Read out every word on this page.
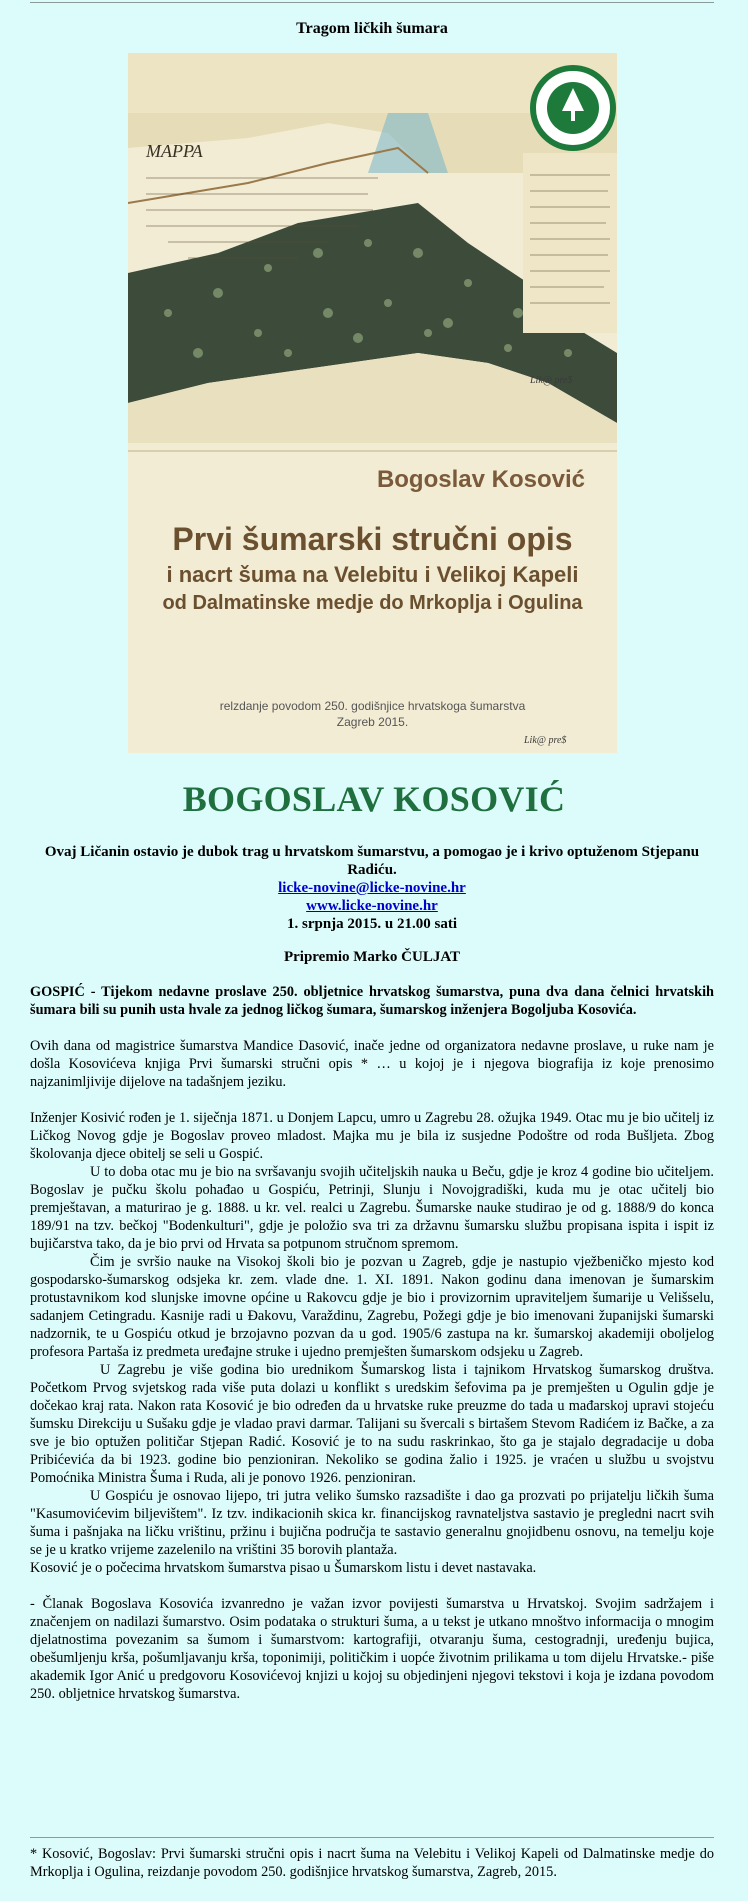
Tragom ličkih šumara
MAPPA
Lik@ pre$
Bogoslav Kosović
Prvi šumarski stručni opis
i nacrt šuma na Velebitu i Velikoj Kapeli
od Dalmatinske medje do Mrkoplja i Ogulina
relzdanje povodom 250. godišnjice hrvatskoga šumarstva
Zagreb 2015.
Lik@ pre$
BOGOSLAV KOSOVIĆ
Ovaj Ličanin ostavio je dubok trag u hrvatskom šumarstvu, a pomogao je i krivo optuženom Stjepanu Radiću.
licke-novine@licke-novine.hr
www.licke-novine.hr
1. srpnja 2015. u 21.00 sati
Pripremio Marko ČULJAT

GOSPIĆ - Tijekom nedavne proslave 250. obljetnice hrvatskog šumarstva, puna dva dana čelnici hrvatskih šumara bili su punih usta hvale za jednog ličkog šumara, šumarskog inženjera Bogoljuba Kosovića.

Ovih dana od magistrice šumarstva Mandice Dasović, inače jedne od organizatora nedavne proslave, u ruke nam je došla Kosovićeva knjiga Prvi šumarski stručni opis * … u kojoj je i njegova biografija iz koje prenosimo najzanimljivije dijelove na tadašnjem jeziku.

Inženjer Kosivić rođen je 1. siječnja 1871. u Donjem Lapcu, umro u Zagrebu 28. ožujka 1949. Otac mu je bio učitelj iz Ličkog Novog gdje je Bogoslav proveo mladost. Majka mu je bila iz susjedne Podoštre od roda Bušljeta. Zbog školovanja djece obitelj se seli u Gospić.

U to doba otac mu je bio na svršavanju svojih učiteljskih nauka u Beču, gdje je kroz 4 godine bio učiteljem. Bogoslav je pučku školu pohađao u Gospiću, Petrinji, Slunju i Novojgradiški, kuda mu je otac učitelj bio premještavan, a maturirao je g. 1888. u kr. vel. realci u Zagrebu. Šumarske nauke studirao je od g. 1888/9 do konca 189/91 na tzv. bečkoj "Bodenkulturi", gdje je položio sva tri za državnu šumarsku službu propisana ispita i ispit iz bujičarstva tako, da je bio prvi od Hrvata sa potpunom stručnom spremom.

Čim je svršio nauke na Visokoj školi bio je pozvan u Zagreb, gdje je nastupio vježbeničko mjesto kod gospodarsko-šumarskog odsjeka kr. zem. vlade dne. 1. XI. 1891. Nakon godinu dana imenovan je šumarskim protustavnikom kod slunjske imovne općine u Rakovcu gdje je bio i provizornim upraviteljem šumarije u Velišselu, sadanjem Cetingradu. Kasnije radi u Đakovu, Varaždinu, Zagrebu, Požegi gdje je bio imenovani županijski šumarski nadzornik, te u Gospiću otkud je brzojavno pozvan da u god. 1905/6 zastupa na kr. šumarskoj akademiji oboljelog profesora Partaša iz predmeta uređajne struke i ujedno premješten šumarskom odsjeku u Zagreb.

U Zagrebu je više godina bio urednikom Šumarskog lista i tajnikom Hrvatskog šumarskog društva. Početkom Prvog svjetskog rada više puta dolazi u konflikt s uredskim šefovima pa je premješten u Ogulin gdje je dočekao kraj rata. Nakon rata Kosović je bio određen da u hrvatske ruke preuzme do tada u mađarskoj upravi stojeću šumsku Direkciju u Sušaku gdje je vladao pravi darmar. Talijani su švercali s birtašem Stevom Radićem iz Bačke, a za sve je bio optužen političar Stjepan Radić. Kosović je to na sudu raskrinkao, što ga je stajalo degradacije u doba Pribićevića da bi 1923. godine bio penzioniran. Nekoliko se godina žalio i 1925. je vraćen u službu u svojstvu Pomoćnika Ministra Šuma i Ruda, ali je ponovo 1926. penzioniran.

U Gospiću je osnovao lijepo, tri jutra veliko šumsko razsadište i dao ga prozvati po prijatelju ličkih šuma "Kasumovićevim biljevištem". Iz tzv. indikacionih skica kr. financijskog ravnateljstva sastavio je pregledni nacrt svih šuma i pašnjaka na ličku vrištinu, pržinu i bujična područja te sastavio generalnu gnojidbenu osnovu, na temelju koje se je u kratko vrijeme zazelenilo na vrištini 35 borovih plantaža.

Kosović je o počecima hrvatskom šumarstva pisao u Šumarskom listu i devet nastavaka.

- Članak Bogoslava Kosovića izvanredno je važan izvor povijesti šumarstva u Hrvatskoj. Svojim sadržajem i značenjem on nadilazi šumarstvo. Osim podataka o strukturi šuma, a u tekst je utkano mnoštvo informacija o mnogim djelatnostima povezanim sa šumom i šumarstvom: kartografiji, otvaranju šuma, cestogradnji, uređenju bujica, obešumljenju krša, pošumljavanju krša, toponimiji, političkim i uopće životnim prilikama u tom dijelu Hrvatske.- piše akademik Igor Anić u predgovoru Kosovićevoj knjizi u kojoj su objedinjeni njegovi tekstovi i koja je izdana povodom 250. obljetnice hrvatskog šumarstva.

* Kosović, Bogoslav: Prvi šumarski stručni opis i nacrt šuma na Velebitu i Velikoj Kapeli od Dalmatinske medje do Mrkoplja i Ogulina, reizdanje povodom 250. godišnjice hrvatskog šumarstva, Zagreb, 2015.
